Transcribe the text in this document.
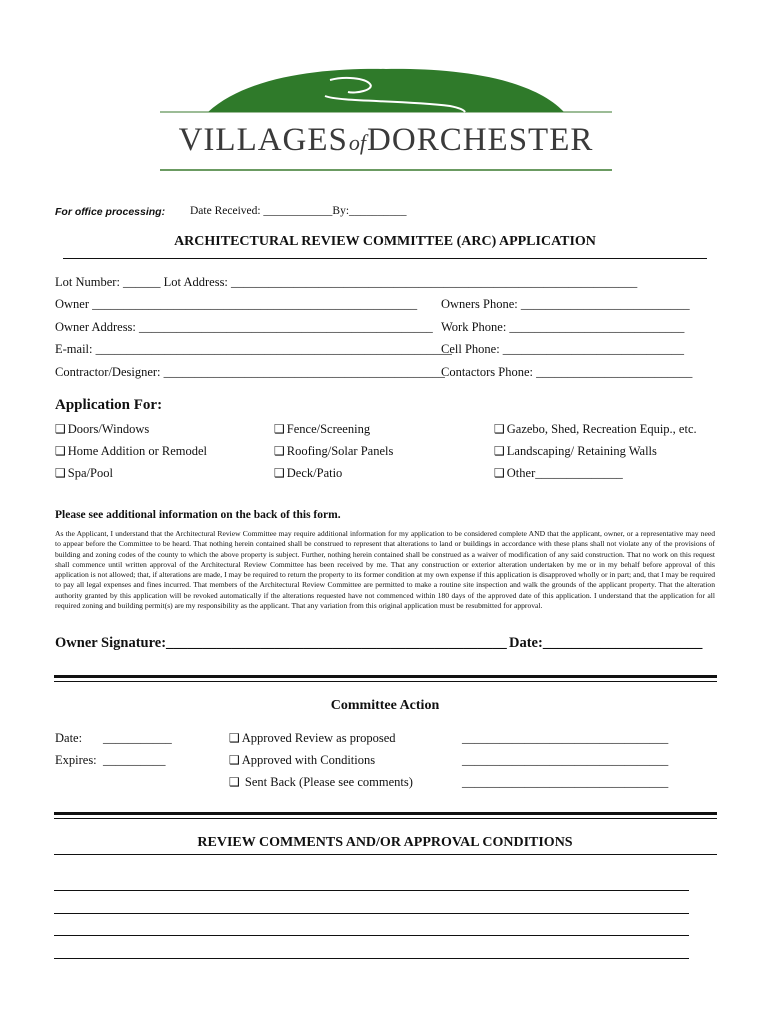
VILLAGESofDORCHESTER
For office processing: Date Received: ____________By:__________
ARCHITECTURAL REVIEW COMMITTEE (ARC) APPLICATION
Lot Number: ______ Lot Address: _________________________________________________________________
Owner ____________________________________________________ Owners Phone: ___________________________
Owner Address: _______________________________________________ Work Phone: ____________________________
E-mail: _________________________________________________________
Cell Phone: _____________________________
Contractor/Designer: _____________________________________________
Contactors Phone: _________________________
Application For:
❑ Doors/Windows
❑ Home Addition or Remodel
❑ Spa/Pool
❑ Fence/Screening
❑ Roofing/Solar Panels
❑ Deck/Patio
❑ Gazebo, Shed, Recreation Equip., etc.
❑ Landscaping/ Retaining Walls
❑ Other______________
Please see additional information on the back of this form.
As the Applicant, I understand that the Architectural Review Committee may require additional information for my application to be considered complete AND that the applicant, owner, or a representative may need to appear before the Committee to be heard. That nothing herein contained shall be construed to represent that alterations to land or buildings in accordance with these plans shall not violate any of the provisions of building and zoning codes of the county to which the above property is subject. Further, nothing herein contained shall be construed as a waiver of modification of any said construction. That no work on this request shall commence until written approval of the Architectural Review Committee has been received by me. That any construction or exterior alteration undertaken by me or in my behalf before approval of this application is not allowed; that, if alterations are made, I may be required to return the property to its former condition at my own expense if this application is disapproved wholly or in part; and, that I may be required to pay all legal expenses and fines incurred. That members of the Architectural Review Committee are permitted to make a routine site inspection and walk the grounds of the applicant property. That the alteration authority granted by this application will be revoked automatically if the alterations requested have not commenced within 180 days of the approved date of this application. I understand that the application for all required zoning and building permit(s) are my responsibility as the applicant. That any variation from this original application must be resubmitted for approval.
Owner Signature:_______________________________________________ Date:______________________
Committee Action
Date: ___________
Expires: __________
❑ Approved Review as proposed
❑ Approved with Conditions
❑ Sent Back (Please see comments)
_________________________________
_________________________________
_________________________________
REVIEW COMMENTS AND/OR APPROVAL CONDITIONS
